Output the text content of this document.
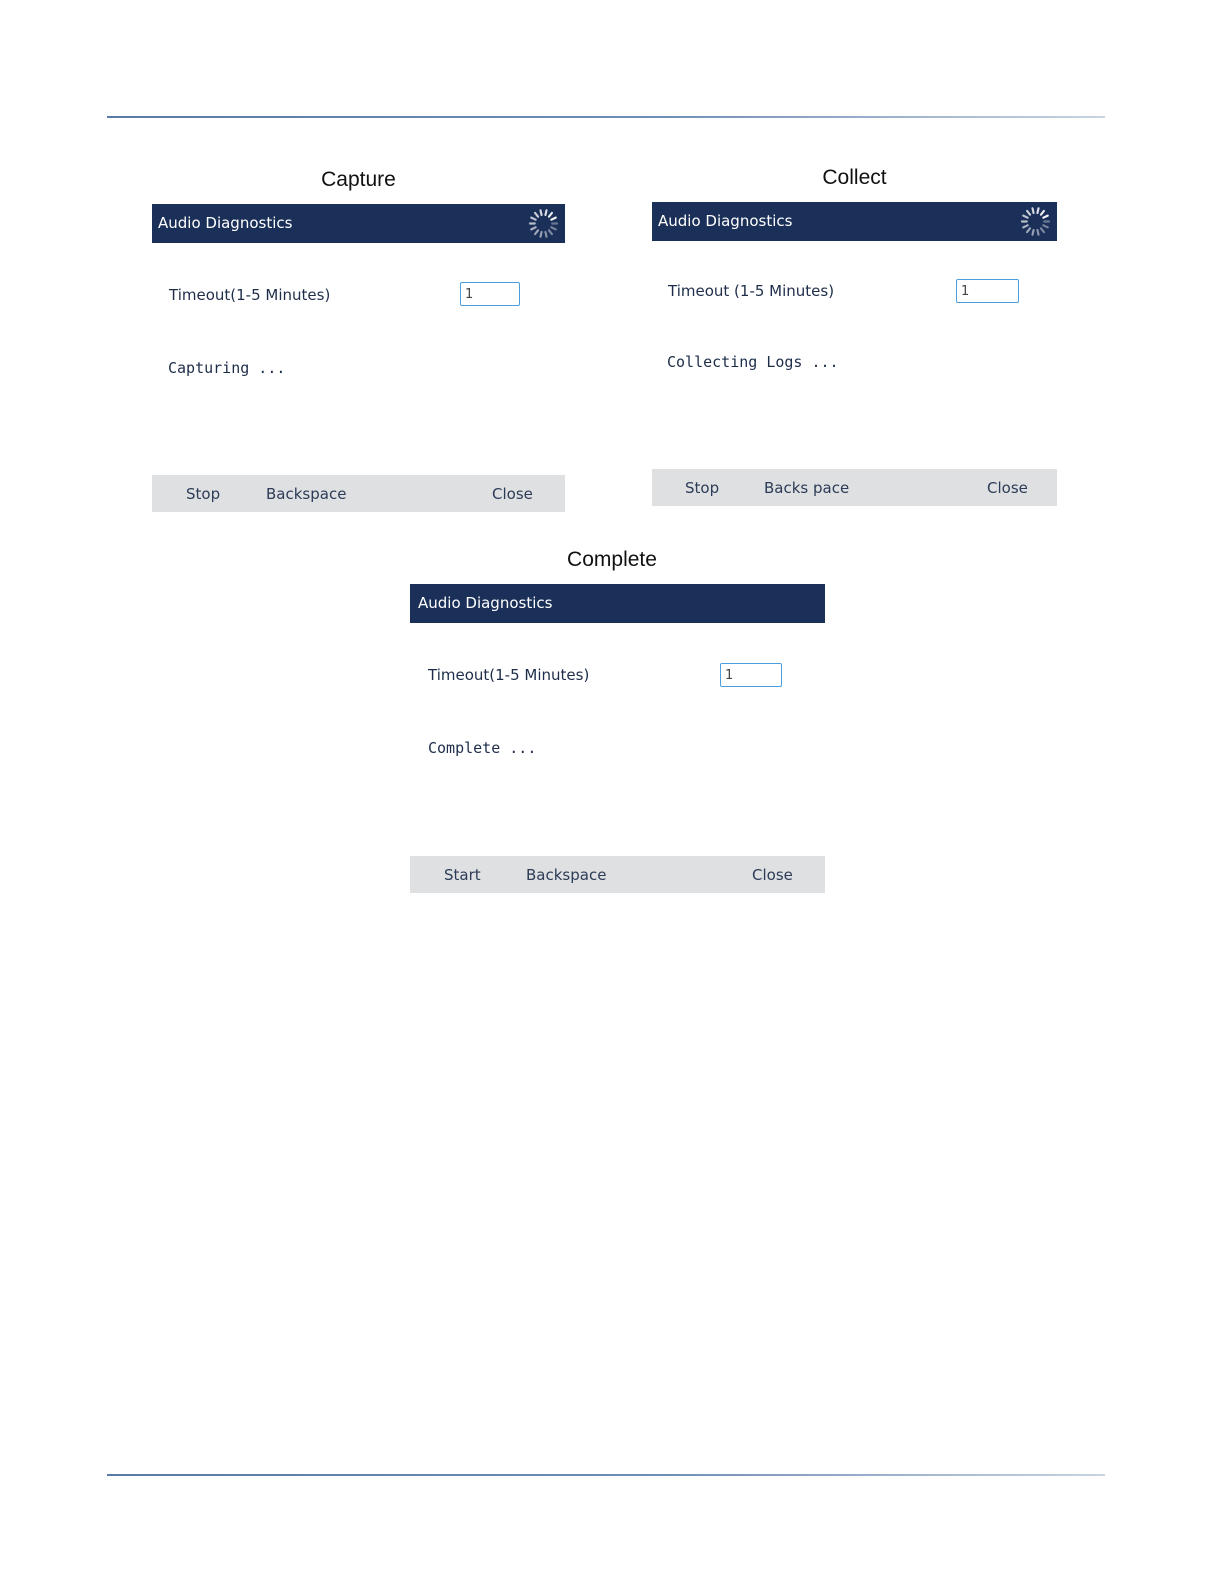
Capture
Audio Diagnostics
Timeout(1-5 Minutes)
1
Capturing ...
Stop	Backspace	Close
Collect
Audio Diagnostics
Timeout (1-5 Minutes)
1
Collecting Logs ...
Stop	Backs pace	Close
Complete
Audio Diagnostics
Timeout(1-5 Minutes)
1
Complete ...
Start	Backspace	Close
